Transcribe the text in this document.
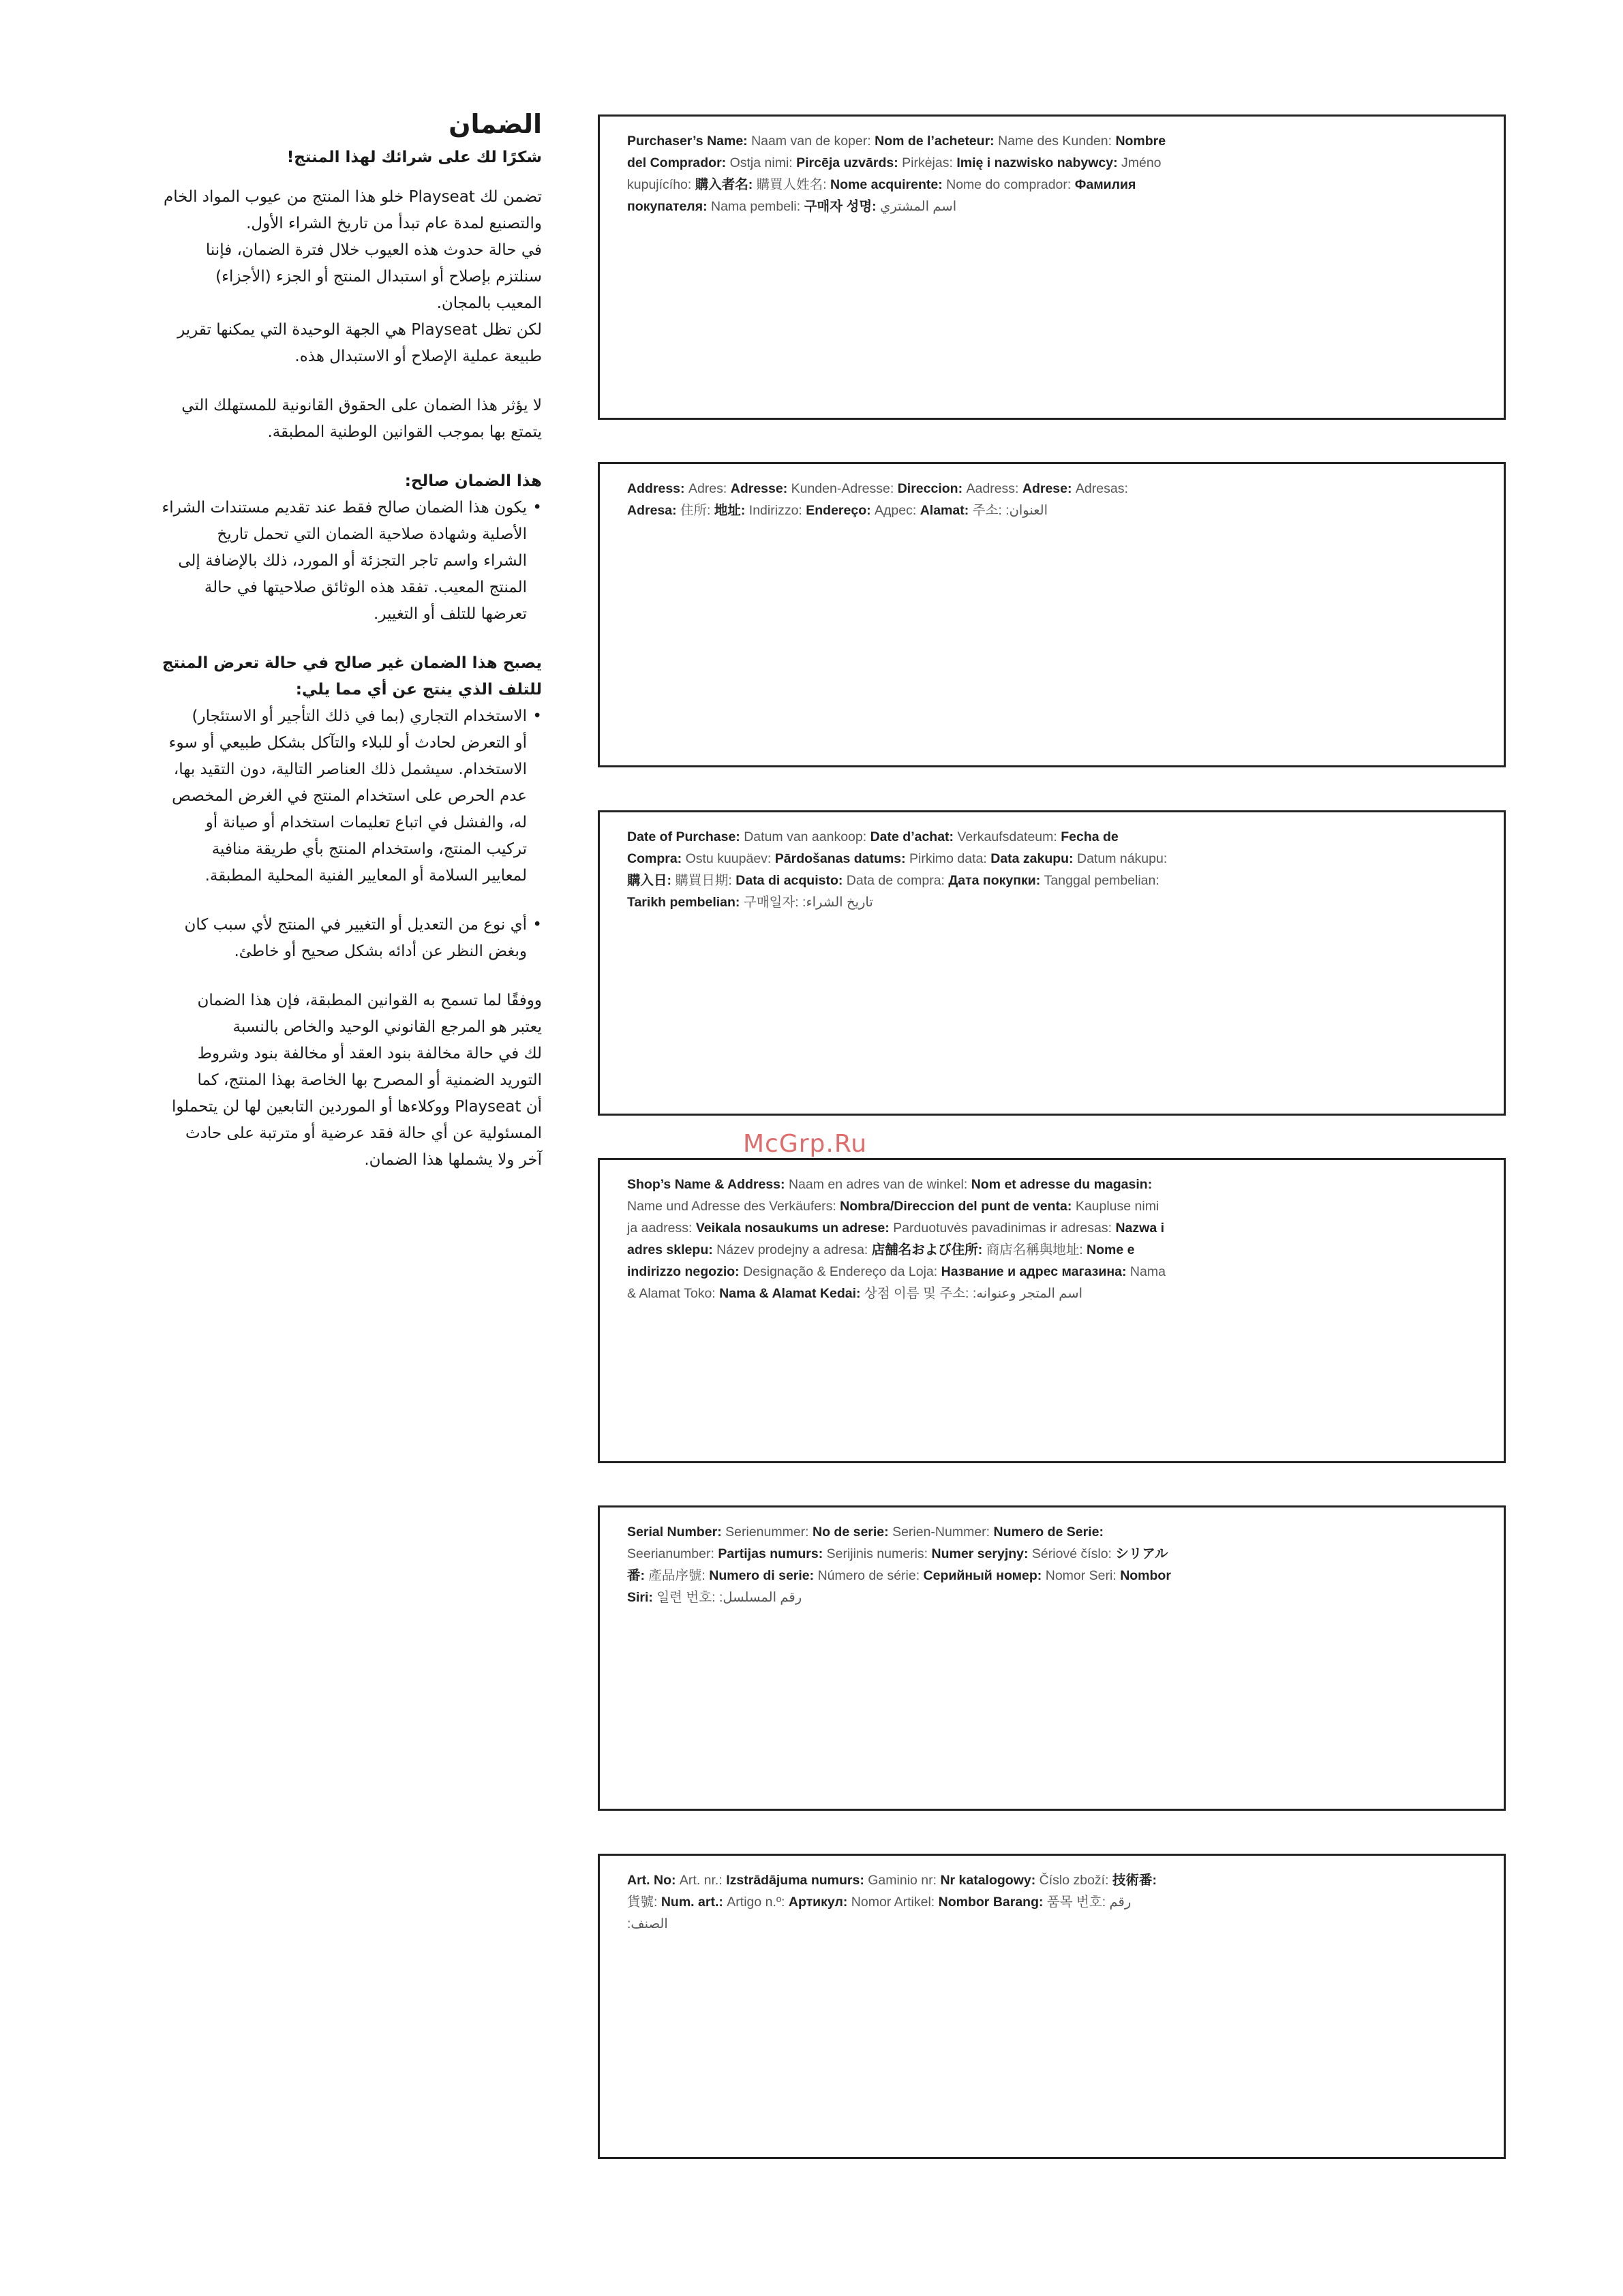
الضمان
شكرًا لك على شرائك لهذا المنتج!

تضمن لك Playseat خلو هذا المنتج من عيوب المواد الخام

والتصنيع لمدة عام تبدأ من تاريخ الشراء الأول.

في حالة حدوث هذه العيوب خلال فترة الضمان، فإننا

سنلتزم بإصلاح أو استبدال المنتج أو الجزء (الأجزاء)

المعيب بالمجان.

لكن تظل Playseat هي الجهة الوحيدة التي يمكنها تقرير

طبيعة عملية الإصلاح أو الاستبدال هذه.

لا يؤثر هذا الضمان على الحقوق القانونية للمستهلك التي

يتمتع بها بموجب القوانين الوطنية المطبقة.

هذا الضمان صالح:

• يكون هذا الضمان صالح فقط عند تقديم مستندات الشراء
الأصلية وشهادة صلاحية الضمان التي تحمل تاريخ
الشراء واسم تاجر التجزئة أو المورد، ذلك بالإضافة إلى
المنتج المعيب. تفقد هذه الوثائق صلاحيتها في حالة
تعرضها للتلف أو التغيير.

يصبح هذا الضمان غير صالح في حالة تعرض المنتج

للتلف الذي ينتج عن أي مما يلي:

• الاستخدام التجاري (بما في ذلك التأجير أو الاستئجار)
أو التعرض لحادث أو للبلاء والتآكل بشكل طبيعي أو سوء
الاستخدام. سيشمل ذلك العناصر التالية، دون التقيد بها،
عدم الحرص على استخدام المنتج في الغرض المخصص
له، والفشل في اتباع تعليمات استخدام أو صيانة أو
تركيب المنتج، واستخدام المنتج بأي طريقة منافية
لمعايير السلامة أو المعايير الفنية المحلية المطبقة.
• أي نوع من التعديل أو التغيير في المنتج لأي سبب كان
وبغض النظر عن أدائه بشكل صحيح أو خاطئ.

ووفقًا لما تسمح به القوانين المطبقة، فإن هذا الضمان

يعتبر هو المرجع القانوني الوحيد والخاص بالنسبة

لك في حالة مخالفة بنود العقد أو مخالفة بنود وشروط

التوريد الضمنية أو المصرح بها الخاصة بهذا المنتج، كما

أن Playseat ووكلاءها أو الموردين التابعين لها لن يتحملوا

المسئولية عن أي حالة فقد عرضية أو مترتبة على حادث

آخر ولا يشملها هذا الضمان.

Purchaser’s Name: Naam van de koper: Nom de l’acheteur: Name des Kunden: Nombre del Comprador: Ostja nimi: Pircēja uzvārds: Pirkėjas: Imię i nazwisko nabywcy: Jméno kupujícího: 購入者名: 購買人姓名: Nome acquirente: Nome do comprador: Фамилия покупателя: Nama pembeli: 구매자 성명: اسم المشتري
Address: Adres: Adresse: Kunden-Adresse: Direccion: Aadress: Adrese: Adresas: Adresa: 住所: 地址: Indirizzo: Endereço: Адрес: Alamat: 주소: العنوان:
Date of Purchase: Datum van aankoop: Date d’achat: Verkaufsdateum: Fecha de Compra: Ostu kuupäev: Pārdošanas datums: Pirkimo data: Data zakupu: Datum nákupu: 購入日: 購買日期: Data di acquisto: Data de compra: Дата покупки: Tanggal pembelian: Tarikh pembelian: 구매일자: تاريخ الشراء:
Shop’s Name & Address: Naam en adres van de winkel: Nom et adresse du magasin: Name und Adresse des Verkäufers: Nombra/Direccion del punt de venta: Kaupluse nimi ja aadress: Veikala nosaukums un adrese: Parduotuvės pavadinimas ir adresas: Nazwa i adres sklepu: Název prodejny a adresa: 店舗名および住所: 商店名稱與地址: Nome e indirizzo negozio: Designação & Endereço da Loja: Название и адрес магазина: Nama & Alamat Toko: Nama & Alamat Kedai: 상점 이름 및 주소: اسم المتجر وعنوانه:
Serial Number: Serienummer: No de serie: Serien-Nummer: Numero de Serie: Seerianumber: Partijas numurs: Serijinis numeris: Numer seryjny: Sériové číslo: シリアル番: 產品序號: Numero di serie: Número de série: Серийный номер: Nomor Seri: Nombor Siri: 일련 번호: رقم المسلسل:
Art. No: Art. nr.: Izstrādājuma numurs: Gaminio nr: Nr katalogowy: Číslo zboží: 技術番: 貨號: Num. art.: Artigo n.º: Артикул: Nomor Artikel: Nombor Barang: 품목 번호: رقم الصنف:
McGrp.Ru
